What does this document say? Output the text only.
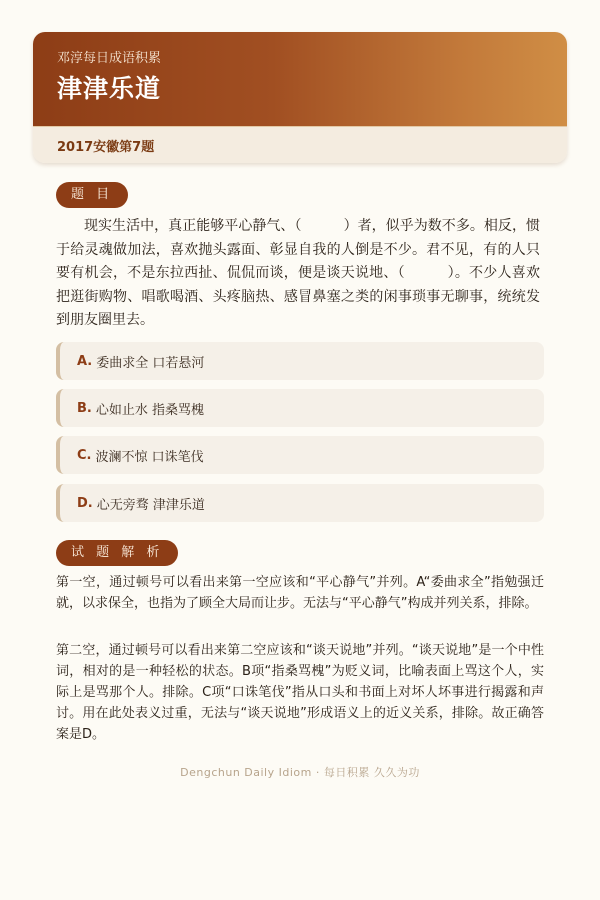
邓淳每日成语积累
津津乐道
2017安徽第7题
题 目
现实生活中，真正能够平心静气、（　　　）者，似乎为数不多。相反，惯于给灵魂做加法，喜欢抛头露面、彰显自我的人倒是不少。君不见，有的人只要有机会，不是东拉西扯、侃侃而谈，便是谈天说地、（　　　）。不少人喜欢把逛街购物、唱歌喝酒、头疼脑热、感冒鼻塞之类的闲事琐事无聊事，统统发到朋友圈里去。
A. 委曲求全 口若悬河
B. 心如止水 指桑骂槐
C. 波澜不惊 口诛笔伐
D. 心无旁骛 津津乐道
试 题 解 析
第一空，通过顿号可以看出来第一空应该和“平心静气”并列。A“委曲求全”指勉强迁就，以求保全，也指为了顾全大局而让步。无法与“平心静气”构成并列关系，排除。
第二空，通过顿号可以看出来第二空应该和“谈天说地”并列。“谈天说地”是一个中性词，相对的是一种轻松的状态。B项“指桑骂槐”为贬义词，比喻表面上骂这个人，实际上是骂那个人。排除。C项“口诛笔伐”指从口头和书面上对坏人坏事进行揭露和声讨。用在此处表义过重，无法与“谈天说地”形成语义上的近义关系，排除。故正确答案是D。
Dengchun Daily Idiom · 每日积累 久久为功
